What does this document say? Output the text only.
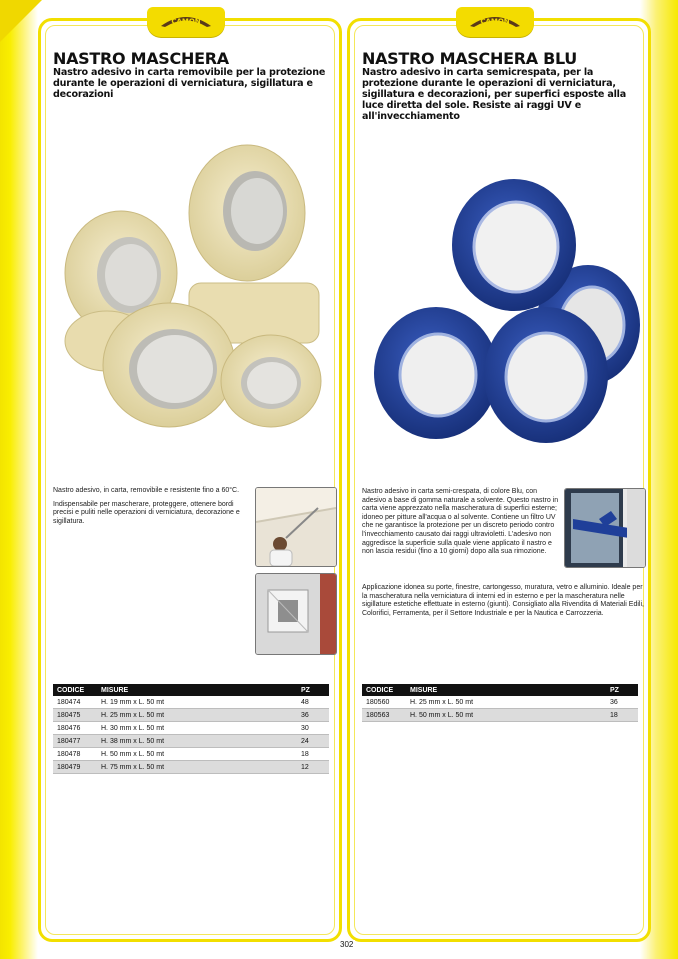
CAMON
NASTRO MASCHERA

Nastro adesivo in carta removibile per la protezione durante le operazioni di verniciatura, sigillatura e decorazioni

Nastro adesivo, in carta, removibile e resistente fino a 60°C.

Indispensabile per mascherare, proteggere, ottenere bordi precisi e puliti nelle operazioni di verniciatura, decorazione e sigillatura.

CODICE	MISURE	PZ
180474	H. 19 mm x L. 50 mt	48
180475	H. 25 mm x L. 50 mt	36
180476	H. 30 mm x L. 50 mt	30
180477	H. 38 mm x L. 50 mt	24
180478	H. 50 mm x L. 50 mt	18
180479	H. 75 mm x L. 50 mt	12
CAMON
NASTRO MASCHERA BLU

Nastro adesivo in carta semicrespata, per la protezione durante le operazioni di verniciatura, sigillatura e decorazioni, per superfici esposte alla luce diretta del sole. Resiste ai raggi UV e all'invecchiamento

Nastro adesivo in carta semi-crespata, di colore Blu, con adesivo a base di gomma naturale a solvente. Questo nastro in carta viene apprezzato nella mascheratura di superfici esterne; idoneo per pitture all'acqua o al solvente. Contiene un filtro UV che ne garantisce la protezione per un discreto periodo contro l'invecchiamento causato dai raggi ultravioletti. L'adesivo non aggredisce la superficie sulla quale viene applicato il nastro e non lascia residui (fino a 10 giorni) dopo alla sua rimozione.

Applicazione idonea su porte, finestre, cartongesso, muratura, vetro e alluminio. Ideale per la mascheratura nella verniciatura di interni ed in esterno e per la mascheratura nelle sigillature estetiche effettuate in esterno (giunti). Consigliato alla Rivendita di Materiali Edili, Colorifici, Ferramenta, per il Settore Industriale e per la Nautica e Carrozzeria.

CODICE	MISURE	PZ
180560	H. 25 mm x L. 50 mt	36
180563	H. 50 mm x L. 50 mt	18
302
